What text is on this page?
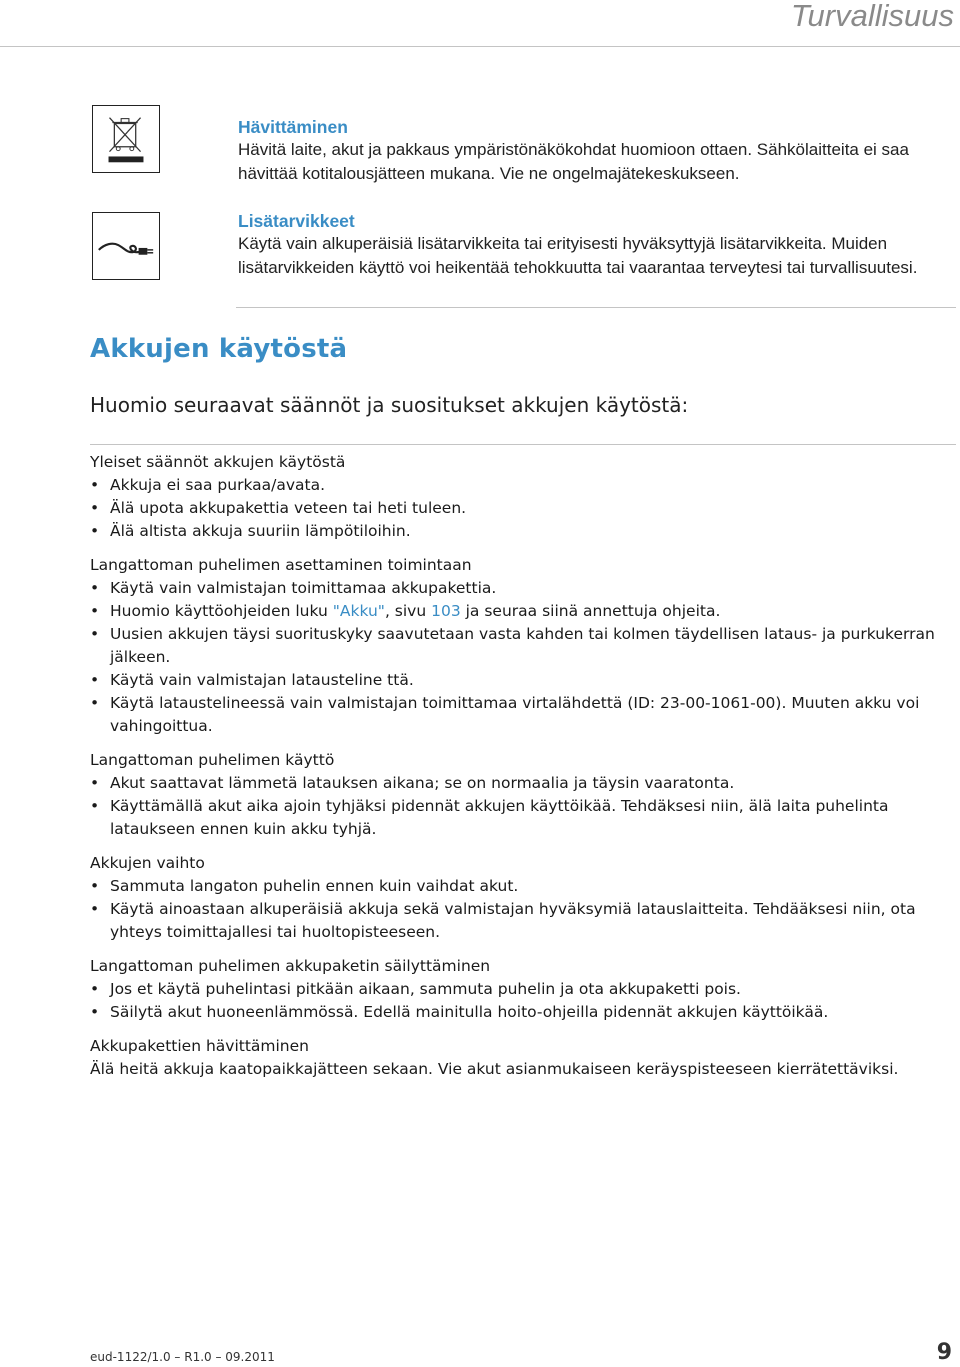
Turvallisuus
Hävittäminen

Hävitä laite, akut ja pakkaus ympäristönäkökohdat huomioon ottaen. Sähkölaitteita ei saa hävittää kotitalousjätteen mukana. Vie ne ongelmajätekeskukseen.

Lisätarvikkeet

Käytä vain alkuperäisiä lisätarvikkeita tai erityisesti hyväksyttyjä lisätarvikkeita. Muiden lisätarvikkeiden käyttö voi heikentää tehokkuutta tai vaarantaa terveytesi tai turvallisuutesi.

Akkujen käytöstä
Huomio seuraavat säännöt ja suositukset akkujen käytöstä:

Yleiset säännöt akkujen käytöstä

• Akkuja ei saa purkaa/avata.
• Älä upota akkupakettia veteen tai heti tuleen.
• Älä altista akkuja suuriin lämpötiloihin.

Langattoman puhelimen asettaminen toimintaan

• Käytä vain valmistajan toimittamaa akkupakettia.
• Huomio käyttöohjeiden luku "Akku", sivu 103 ja seuraa siinä annettuja ohjeita.
• Uusien akkujen täysi suorituskyky saavutetaan vasta kahden tai kolmen täydellisen lataus- ja purkukerran jälkeen.
• Käytä vain valmistajan latausteline ttä.
• Käytä lataustelineessä vain valmistajan toimittamaa virtalähdettä (ID: 23-00-1061-00). Muuten akku voi vahingoittua.

Langattoman puhelimen käyttö

• Akut saattavat lämmetä latauksen aikana; se on normaalia ja täysin vaaratonta.
• Käyttämällä akut aika ajoin tyhjäksi pidennät akkujen käyttöikää. Tehdäksesi niin, älä laita puhelinta lataukseen ennen kuin akku tyhjä.

Akkujen vaihto

• Sammuta langaton puhelin ennen kuin vaihdat akut.
• Käytä ainoastaan alkuperäisiä akkuja sekä valmistajan hyväksymiä latauslaitteita. Tehdääksesi niin, ota yhteys toimittajallesi tai huoltopisteeseen.

Langattoman puhelimen akkupaketin säilyttäminen

• Jos et käytä puhelintasi pitkään aikaan, sammuta puhelin ja ota akkupaketti pois.
• Säilytä akut huoneenlämmössä. Edellä mainitulla hoito-ohjeilla pidennät akkujen käyttöikää.

Akkupakettien hävittäminen

Älä heitä akkuja kaatopaikkajätteen sekaan. Vie akut asianmukaiseen keräyspisteeseen kierrätettäviksi.

eud-1122/1.0 – R1.0 – 09.2011	9
